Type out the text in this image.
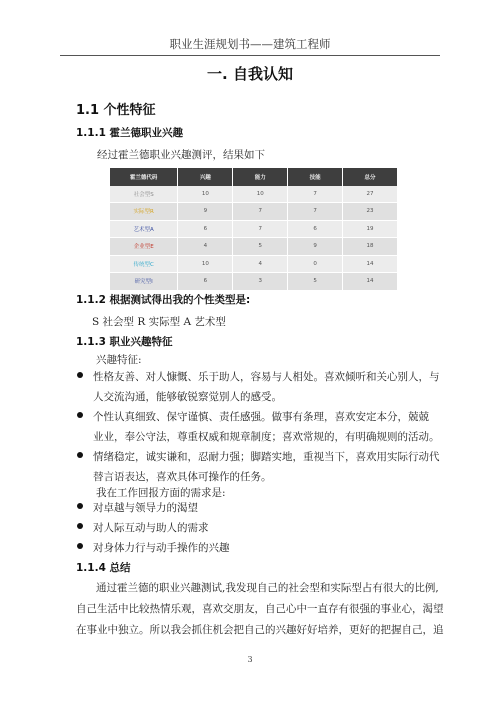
职业生涯规划书——建筑工程师
一. 自我认知
1.1 个性特征
1.1.1 霍兰德职业兴趣
经过霍兰德职业兴趣测评，结果如下
霍兰德代码	兴趣	能力	技能	总分
社会型S	10	10	7	27
实际型R	9	7	7	23
艺术型A	6	7	6	19
企业型E	4	5	9	18
传统型C	10	4	0	14
研究型I	6	3	5	14
1.1.2 根据测试得出我的个性类型是:
S 社会型 R 实际型 A 艺术型
1.1.3 职业兴趣特征
兴趣特征:
性格友善、对人慷慨、乐于助人，容易与人相处。喜欢倾听和关心别人，与
人交流沟通，能够敏锐察觉别人的感受。
个性认真细致、保守谨慎、责任感强。做事有条理，喜欢安定本分，兢兢
业业，奉公守法，尊重权威和规章制度；喜欢常规的，有明确规则的活动。
情绪稳定，诚实谦和，忍耐力强；脚踏实地，重视当下，喜欢用实际行动代
替言语表达，喜欢具体可操作的任务。
我在工作回报方面的需求是:
对卓越与领导力的渴望
对人际互动与助人的需求
对身体力行与动手操作的兴趣
1.1.4 总结
通过霍兰德的职业兴趣测试,我发现自己的社会型和实际型占有很大的比例,
自己生活中比较热情乐观，喜欢交朋友，自己心中一直存有很强的事业心，渴望
在事业中独立。所以我会抓住机会把自己的兴趣好好培养，更好的把握自己，追
3
